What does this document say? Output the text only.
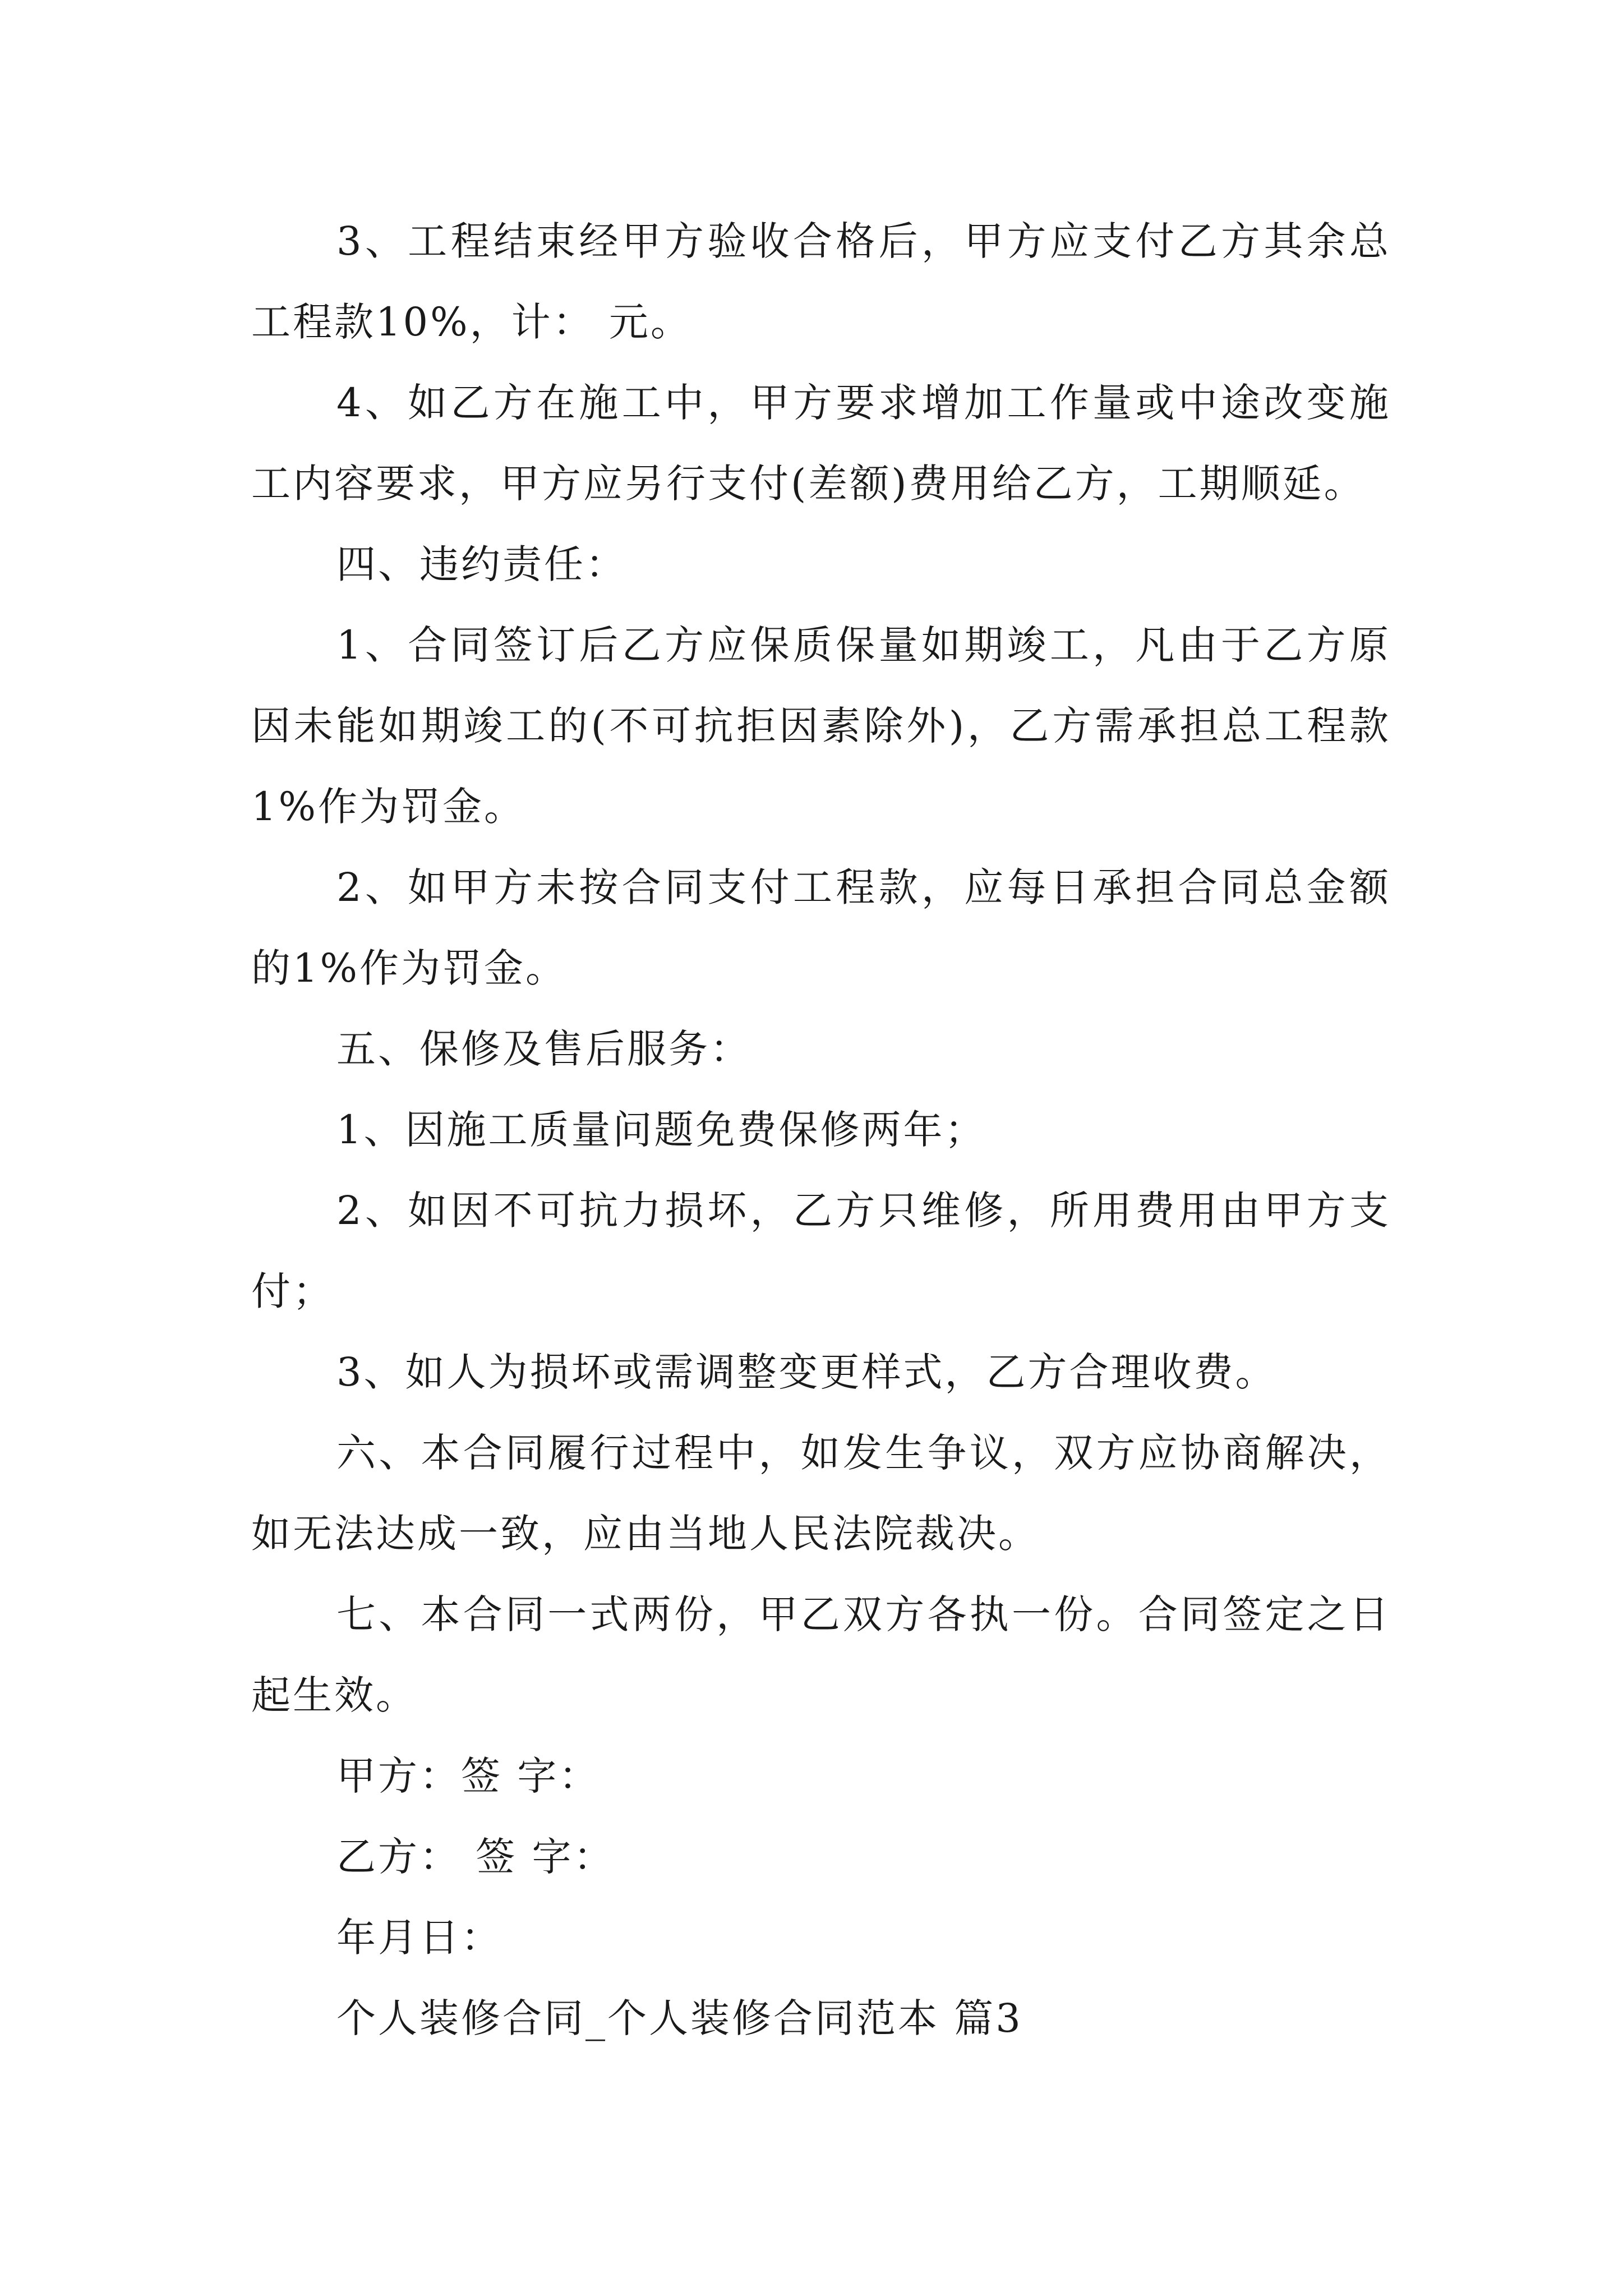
3、工程结束经甲方验收合格后，甲方应支付乙方其余总工程款10%，计： 元。

4、如乙方在施工中，甲方要求增加工作量或中途改变施工内容要求，甲方应另行支付(差额)费用给乙方，工期顺延。

四、违约责任：

1、合同签订后乙方应保质保量如期竣工，凡由于乙方原因未能如期竣工的(不可抗拒因素除外)，乙方需承担总工程款1%作为罚金。

2、如甲方未按合同支付工程款，应每日承担合同总金额的1%作为罚金。

五、保修及售后服务：

1、因施工质量问题免费保修两年；

2、如因不可抗力损坏，乙方只维修，所用费用由甲方支付；

3、如人为损坏或需调整变更样式，乙方合理收费。

六、本合同履行过程中，如发生争议，双方应协商解决，如无法达成一致，应由当地人民法院裁决。

七、本合同一式两份，甲乙双方各执一份。合同签定之日起生效。

甲方：签 字：

乙方： 签 字：

年月日：

个人装修合同_个人装修合同范本 篇3
